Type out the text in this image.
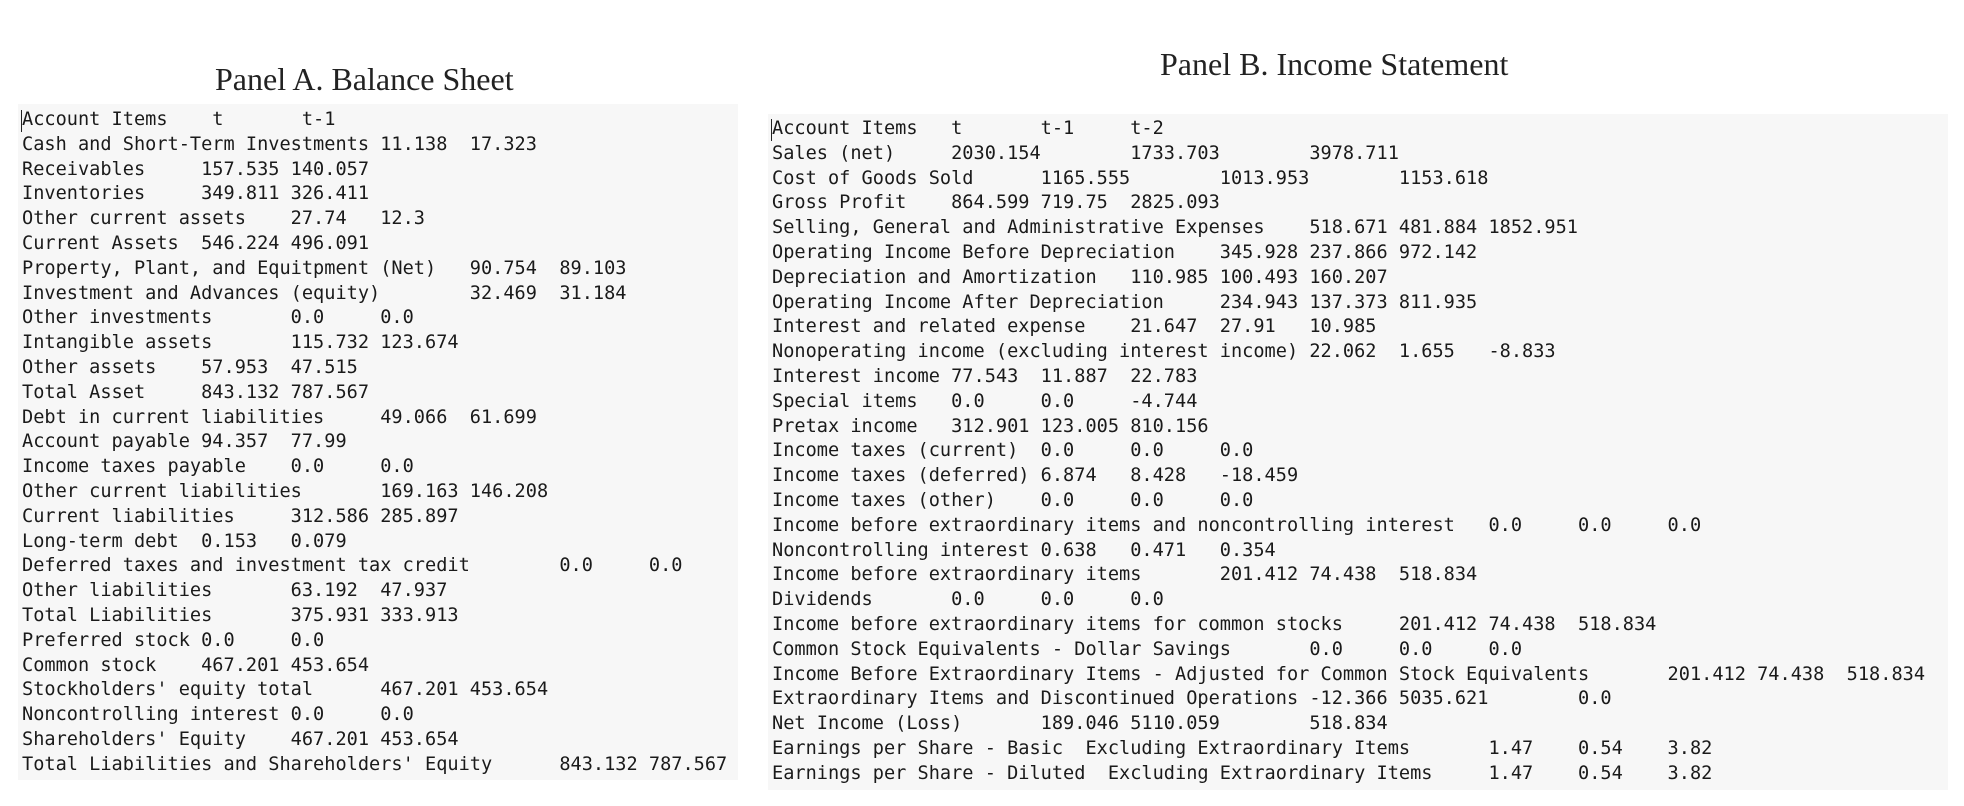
Panel A. Balance Sheet	Panel B. Income Statement
Account Items    t       t-1
Cash and Short-Term Investments 11.138  17.323
Receivables     157.535 140.057
Inventories     349.811 326.411
Other current assets    27.74   12.3
Current Assets  546.224 496.091
Property, Plant, and Equitpment (Net)   90.754  89.103
Investment and Advances (equity)        32.469  31.184
Other investments       0.0     0.0
Intangible assets       115.732 123.674
Other assets    57.953  47.515
Total Asset     843.132 787.567
Debt in current liabilities     49.066  61.699
Account payable 94.357  77.99
Income taxes payable    0.0     0.0
Other current liabilities       169.163 146.208
Current liabilities     312.586 285.897
Long-term debt  0.153   0.079
Deferred taxes and investment tax credit        0.0     0.0
Other liabilities       63.192  47.937
Total Liabilities       375.931 333.913
Preferred stock 0.0     0.0
Common stock    467.201 453.654
Stockholders' equity total      467.201 453.654
Noncontrolling interest 0.0     0.0
Shareholders' Equity    467.201 453.654
Total Liabilities and Shareholders' Equity      843.132 787.567
Account Items   t       t-1     t-2
Sales (net)     2030.154        1733.703        3978.711
Cost of Goods Sold      1165.555        1013.953        1153.618
Gross Profit    864.599 719.75  2825.093
Selling, General and Administrative Expenses    518.671 481.884 1852.951
Operating Income Before Depreciation    345.928 237.866 972.142
Depreciation and Amortization   110.985 100.493 160.207
Operating Income After Depreciation     234.943 137.373 811.935
Interest and related expense    21.647  27.91   10.985
Nonoperating income (excluding interest income) 22.062  1.655   -8.833
Interest income 77.543  11.887  22.783
Special items   0.0     0.0     -4.744
Pretax income   312.901 123.005 810.156
Income taxes (current)  0.0     0.0     0.0
Income taxes (deferred) 6.874   8.428   -18.459
Income taxes (other)    0.0     0.0     0.0
Income before extraordinary items and noncontrolling interest   0.0     0.0     0.0
Noncontrolling interest 0.638   0.471   0.354
Income before extraordinary items       201.412 74.438  518.834
Dividends       0.0     0.0     0.0
Income before extraordinary items for common stocks     201.412 74.438  518.834
Common Stock Equivalents - Dollar Savings       0.0     0.0     0.0
Income Before Extraordinary Items - Adjusted for Common Stock Equivalents       201.412 74.438  518.834
Extraordinary Items and Discontinued Operations -12.366 5035.621        0.0
Net Income (Loss)       189.046 5110.059        518.834
Earnings per Share - Basic  Excluding Extraordinary Items       1.47    0.54    3.82
Earnings per Share - Diluted  Excluding Extraordinary Items     1.47    0.54    3.82
